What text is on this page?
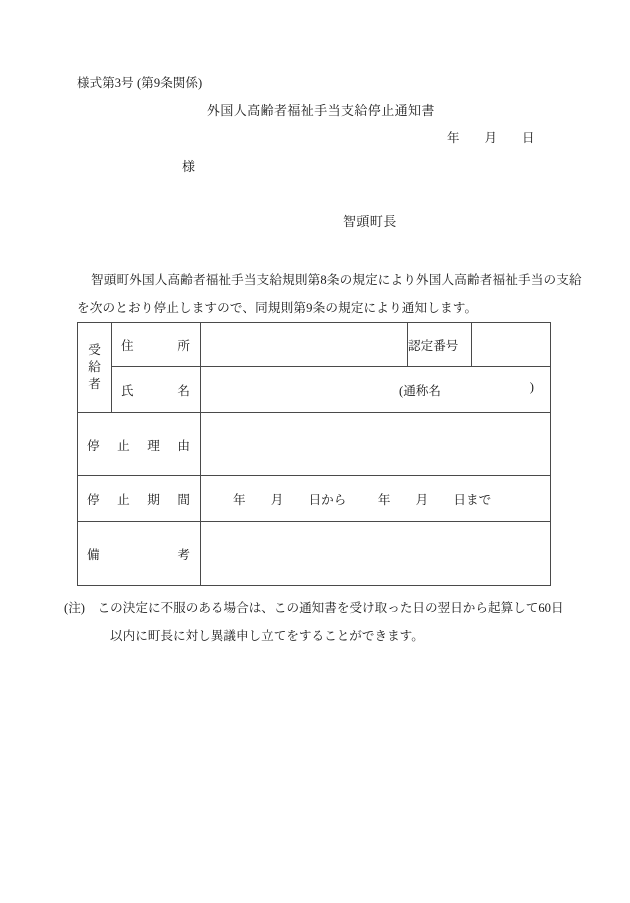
様式第3号 (第9条関係)
外国人高齢者福祉手当支給停止通知書
年        月        日
様
智頭町長
智頭町外国人高齢者福祉手当支給規則第8条の規定により外国人高齢者福祉手当の支給
を次のとおり停止しますので、同規則第9条の規定により通知します。
受
給
者	住 所		認定番号	

	氏 名	(通称名 )		

停 止 理 由				

停 止 期 間		年        月        日から          年        月        日まで		

備 考				

(注) この決定に不服のある場合は、この通知書を受け取った日の翌日から起算して60日
以内に町長に対し異議申し立てをすることができます。
